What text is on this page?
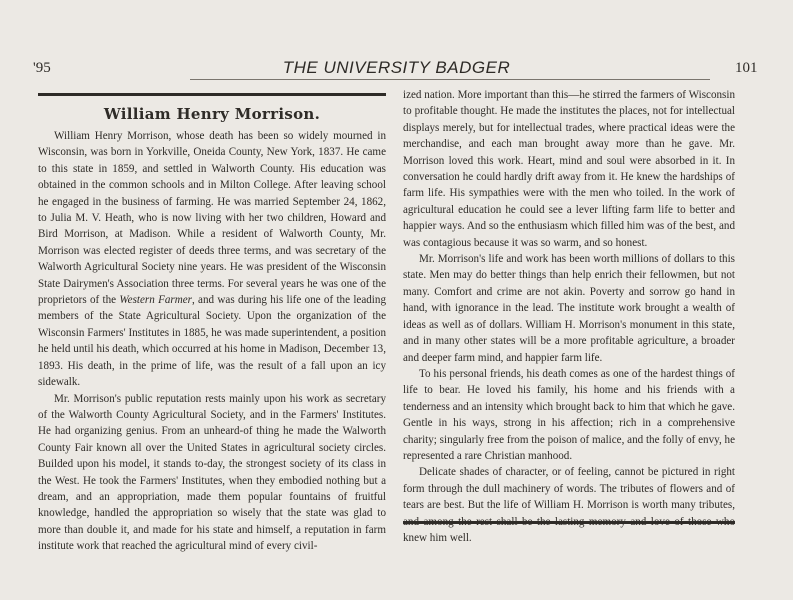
'95	THE UNIVERSITY BADGER	101
William Henry Morrison.

William Henry Morrison, whose death has been so widely mourned in Wisconsin, was born in Yorkville, Oneida County, New York, 1837. He came to this state in 1859, and settled in Walworth County. His education was obtained in the common schools and in Milton College. After leaving school he engaged in the business of farming. He was married September 24, 1862, to Julia M. V. Heath, who is now living with her two children, Howard and Bird Morrison, at Madison. While a resident of Walworth County, Mr. Morrison was elected register of deeds three terms, and was secretary of the Walworth Agricultural Society nine years. He was president of the Wisconsin State Dairymen's Association three terms. For several years he was one of the proprietors of the Western Farmer, and was during his life one of the leading members of the State Agricultural Society. Upon the organization of the Wisconsin Farmers' Institutes in 1885, he was made superintendent, a position he held until his death, which occurred at his home in Madison, December 13, 1893. His death, in the prime of life, was the result of a fall upon an icy sidewalk.

Mr. Morrison's public reputation rests mainly upon his work as secretary of the Walworth County Agricultural Society, and in the Farmers' Institutes. He had organizing genius. From an unheard-of thing he made the Walworth County Fair known all over the United States in agricultural society circles. Builded upon his model, it stands to-day, the strongest society of its class in the West. He took the Farmers' Institutes, when they embodied nothing but a dream, and an appropriation, made them popular fountains of fruitful knowledge, handled the appropriation so wisely that the state was glad to more than double it, and made for his state and himself, a reputation in farm institute work that reached the agricultural mind of every civil-

ized nation. More important than this—he stirred the farmers of Wisconsin to profitable thought. He made the institutes the places, not for intellectual displays merely, but for intellectual trades, where practical ideas were the merchandise, and each man brought away more than he gave. Mr. Morrison loved this work. Heart, mind and soul were absorbed in it. In conversation he could hardly drift away from it. He knew the hardships of farm life. His sympathies were with the men who toiled. In the work of agricultural education he could see a lever lifting farm life to better and happier ways. And so the enthusiasm which filled him was of the best, and was contagious because it was so warm, and so honest.

Mr. Morrison's life and work has been worth millions of dollars to this state. Men may do better things than help enrich their fellowmen, but not many. Comfort and crime are not akin. Poverty and sorrow go hand in hand, with ignorance in the lead. The institute work brought a wealth of ideas as well as of dollars. William H. Morrison's monument in this state, and in many other states will be a more profitable agriculture, a broader and deeper farm mind, and happier farm life.

To his personal friends, his death comes as one of the hardest things of life to bear. He loved his family, his home and his friends with a tenderness and an intensity which brought back to him that which he gave. Gentle in his ways, strong in his affection; rich in a comprehensive charity; singularly free from the poison of malice, and the folly of envy, he represented a rare Christian manhood.

Delicate shades of character, or of feeling, cannot be pictured in right form through the dull machinery of words. The tributes of flowers and of tears are best. But the life of William H. Morrison is worth many tributes, knew him well.
